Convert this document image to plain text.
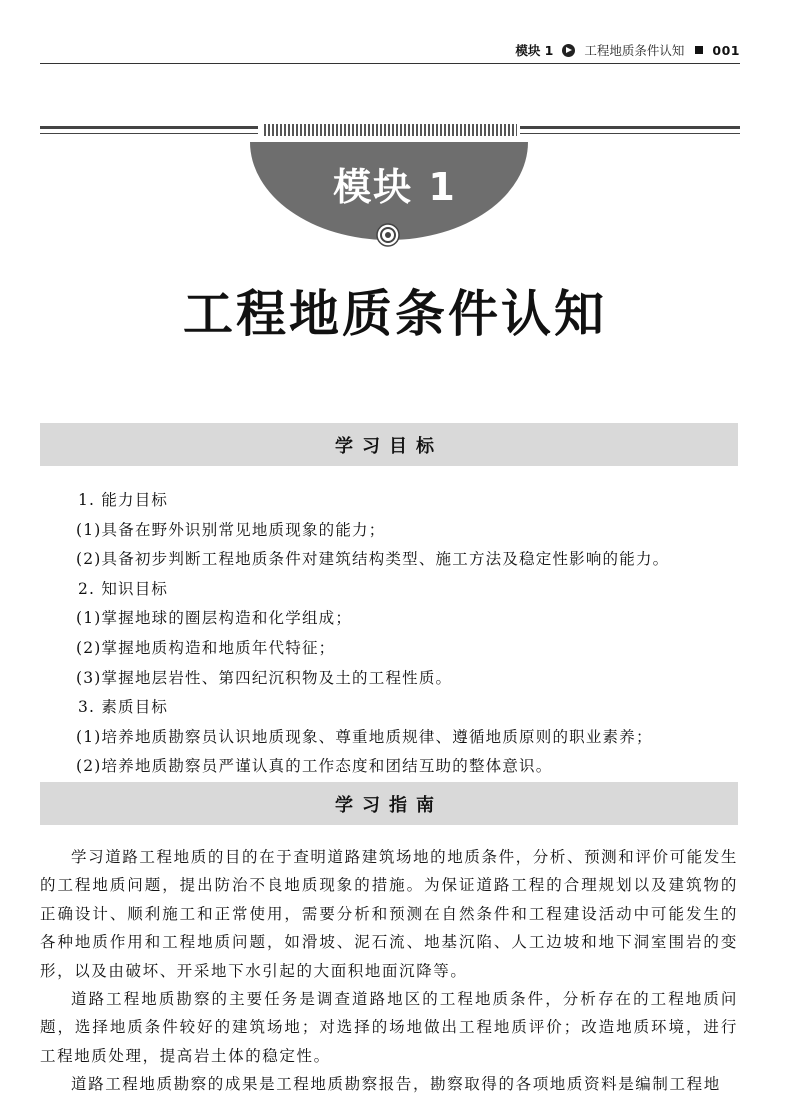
模块 1 工程地质条件认知 001
模块 1
工程地质条件认知
学习目标
1. 能力目标
(1)具备在野外识别常见地质现象的能力；
(2)具备初步判断工程地质条件对建筑结构类型、施工方法及稳定性影响的能力。
2. 知识目标
(1)掌握地球的圈层构造和化学组成；
(2)掌握地质构造和地质年代特征；
(3)掌握地层岩性、第四纪沉积物及土的工程性质。
3. 素质目标
(1)培养地质勘察员认识地质现象、尊重地质规律、遵循地质原则的职业素养；
(2)培养地质勘察员严谨认真的工作态度和团结互助的整体意识。
学习指南

学习道路工程地质的目的在于查明道路建筑场地的地质条件，分析、预测和评价可能发生的工程地质问题，提出防治不良地质现象的措施。为保证道路工程的合理规划以及建筑物的正确设计、顺利施工和正常使用，需要分析和预测在自然条件和工程建设活动中可能发生的各种地质作用和工程地质问题，如滑坡、泥石流、地基沉陷、人工边坡和地下洞室围岩的变形，以及由破坏、开采地下水引起的大面积地面沉降等。

道路工程地质勘察的主要任务是调查道路地区的工程地质条件，分析存在的工程地质问题，选择地质条件较好的建筑场地；对选择的场地做出工程地质评价；改造地质环境，进行工程地质处理，提高岩土体的稳定性。

道路工程地质勘察的成果是工程地质勘察报告，勘察取得的各项地质资料是编制工程地
